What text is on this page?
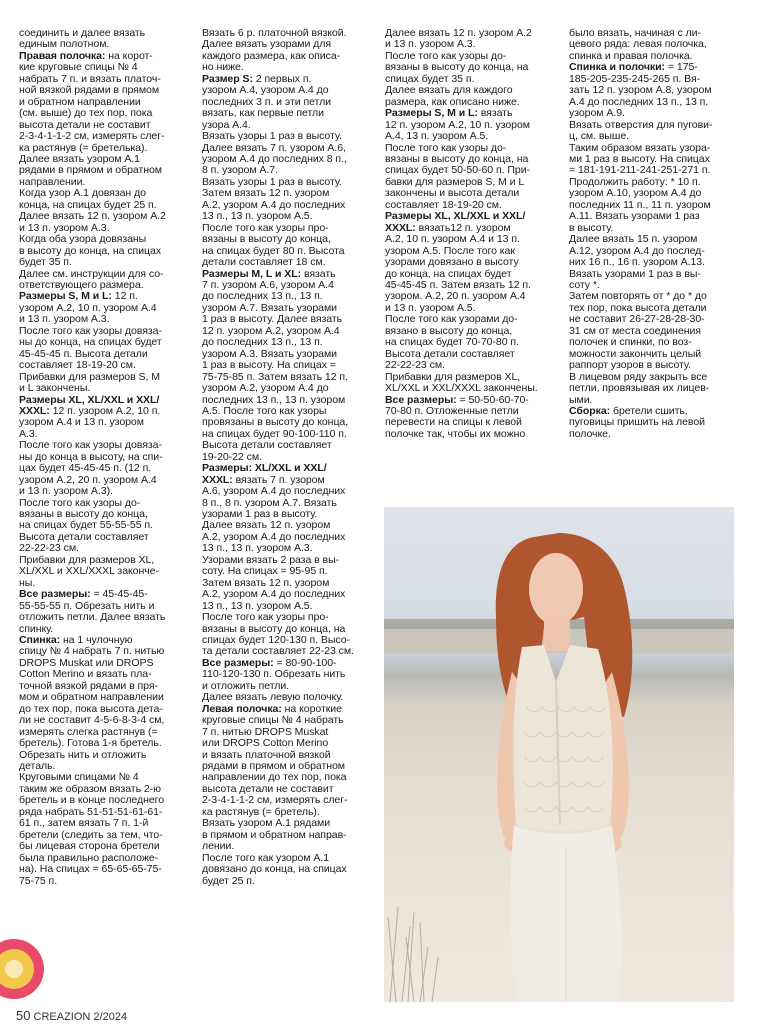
соединить и далее вязать
единым полотном.
Правая полочка: на корот-
кие круговые спицы № 4
набрать 7 п. и вязать платоч-
ной вязкой рядами в прямом
и обратном направлении
(см. выше) до тех пор, пока
высота детали не составит
2-3-4-1-1-2 см, измерять слег-
ка растянув (= бретелька).
Далее вязать узором А.1
рядами в прямом и обратном
направлении.
Когда узор А.1 довязан до
конца, на спицах будет 25 п.
Далее вязать 12 п. узором А.2
и 13 п. узором А.3.
Когда оба узора довязаны
в высоту до конца, на спицах
будет 35 п.
Далее см. инструкции для со-
ответствующего размера.
Размеры S, M и L: 12 п.
узором А.2, 10 п. узором А.4
и 13 п. узором А.3.
После того как узоры довяза-
ны до конца, на спицах будет
45-45-45 п. Высота детали
составляет 18-19-20 см.
Прибавки для размеров S, M
и L закончены.
Размеры XL, XL/XXL и XXL/
XXXL: 12 п. узором А.2, 10 п.
узором А.4 и 13 п. узором
А.3.
После того как узоры довяза-
ны до конца в высоту, на спи-
цах будет 45-45-45 п. (12 п.
узором А.2, 20 п. узором А.4
и 13 п. узором А.3).
После того как узоры до-
вязаны в высоту до конца,
на спицах будет 55-55-55 п.
Высота детали составляет
22-22-23 см.
Прибавки для размеров XL,
XL/XXL и XXL/XXXL закончe-
ны.
Все размеры: = 45-45-45-
55-55-55 п. Обрезать нить и
отложить петли. Далее вязать
спинку.
Спинка: на 1 чулочную
спицу № 4 набрать 7 п. нитью
DROPS Muskat или DROPS
Cotton Merino и вязать пла-
точной вязкой рядами в пря-
мом и обратном направлении
до тех пор, пока высота дета-
ли не составит 4-5-6-8-3-4 см,
измерять слегка растянув (=
бретель). Готова 1-я бретель.
Обрезать нить и отложить
деталь.
Круговыми спицами № 4
таким же образом вязать 2-ю
бретель и в конце последнего
ряда набрать 51-51-51-61-61-
61 п., затем вязать 7 п. 1-й
бретели (следить за тем, что-
бы лицевая сторона бретели
была правильно расположе-
на). На спицах = 65-65-65-75-
75-75 п.
Вязать 6 р. платочной вязкой.
Далее вязать узорами для
каждого размера, как описа-
но ниже.
Размер S: 2 первых п.
узором А.4, узором А.4 до
последних 3 п. и эти петли
вязать, как первые петли
узора А.4.
Вязать узоры 1 раз в высоту.
Далее вязать 7 п. узором А.6,
узором А.4 до последних 8 п.,
8 п. узором А.7.
Вязать узоры 1 раз в высоту.
Затем вязать 12 п. узором
А.2, узором А.4 до последних
13 п., 13 п. узором А.5.
После того как узоры про-
вязаны в высоту до конца,
на спицах будет 80 п. Высота
детали составляет 18 см.
Размеры M, L и XL: вязать
7 п. узором А.6, узором А.4
до последних 13 п., 13 п.
узором А.7. Вязать узорами
1 раз в высоту. Далее вязать
12 п. узором А.2, узором А.4
до последних 13 п., 13 п.
узором А.3. Вязать узорами
1 раз в высоту. На спицах =
75-75-85 п. Затем вязать 12 п.
узором А.2, узором А.4 до
последних 13 п., 13 п. узором
А.5. После того как узоры
провязаны в высоту до конца,
на спицах будет 90-100-110 п.
Высота детали составляет
19-20-22 см.
Размеры: XL/XXL и XXL/
XXXL: вязать 7 п. узором
А.6, узором А.4 до последних
8 п., 8 п. узором А.7. Вязать
узорами 1 раз в высоту.
Далее вязать 12 п. узором
А.2, узором А.4 до последних
13 п., 13 п. узором А.3.
Узорами вязать 2 раза в вы-
соту. На спицах = 95-95 п.
Затем вязать 12 п. узором
А.2, узором А.4 до последних
13 п., 13 п. узором А.5.
После того как узоры про-
вязаны в высоту до конца, на
спицах будет 120-130 п. Высо-
та детали составляет 22-23 см.
Все размеры: = 80-90-100-
110-120-130 п. Обрезать нить
и отложить петли.
Далее вязать левую полочку.
Левая полочка: на короткие
круговые спицы № 4 набрать
7 п. нитью DROPS Muskat
или DROPS Cotton Merino
и вязать платочной вязкой
рядами в прямом и обратном
направлении до тех пор, пока
высота детали не составит
2-3-4-1-1-2 см, измерять слег-
ка растянув (= бретель).
Вязать узором А.1 рядами
в прямом и обратном направ-
лении.
После того как узором А.1
довязано до конца, на спицах
будет 25 п.
Далее вязать 12 п. узором А.2
и 13 п. узором А.3.
После того как узоры до-
вязаны в высоту до конца, на
спицах будет 35 п.
Далее вязать для каждого
размера, как описано ниже.
Размеры S, M и L: вязать
12 п. узором А.2, 10 п. узором
А.4, 13 п. узором А.5.
После того как узоры до-
вязаны в высоту до конца, на
спицах будет 50-50-60 п. При-
бавки для размеров S, M и L
закончены и высота детали
составляет 18-19-20 см.
Размеры XL, XL/XXL и XXL/
XXXL: вязать12 п. узором
А.2, 10 п. узором А.4 и 13 п.
узором А.5. После того как
узорами довязано в высоту
до конца, на спицах будет
45-45-45 п. Затем вязать 12 п.
узором. А.2, 20 п. узором А.4
и 13 п. узором А.5.
После того как узорами до-
вязано в высоту до конца,
на спицах будет 70-70-80 п.
Высота детали составляет
22-22-23 см.
Прибавки для размеров XL,
XL/XXL и XXL/XXXL закончены.
Все размеры: = 50-50-60-70-
70-80 п. Отложенные петли
перевести на спицы к левой
полочке так, чтобы их можно
было вязать, начиная с ли-
цевого ряда: левая полочка,
спинка и правая полочка.
Спинка и полочки: = 175-
185-205-235-245-265 п. Вя-
зать 12 п. узором А.8, узором
А.4 до последних 13 п., 13 п.
узором А.9.
Вязать отверстия для пугови-
ц, см. выше.
Таким образом вязать узора-
ми 1 раз в высоту. На спицах
= 181-191-211-241-251-271 п.
Продолжить работу: * 10 п.
узором А.10, узором А.4 до
последних 11 п., 11 п. узором
А.11. Вязать узорами 1 раз
в высоту.
Далее вязать 15 п. узором
А.12, узором А.4 до послед-
них 16 п., 16 п. узором А.13.
Вязать узорами 1 раз в вы-
соту *.
Затем повторять от * до * до
тех пор, пока высота детали
не составит 26-27-28-28-30-
31 см от места соединения
полочек и спинки, по воз-
можности закончить целый
раппорт узоров в высоту.
В лицевом ряду закрыть все
петли, провязывая их лицев-
ыми.
Сборка: бретели сшить,
пуговицы пришить на левой
полочке.
50 CREAZION 2/2024
